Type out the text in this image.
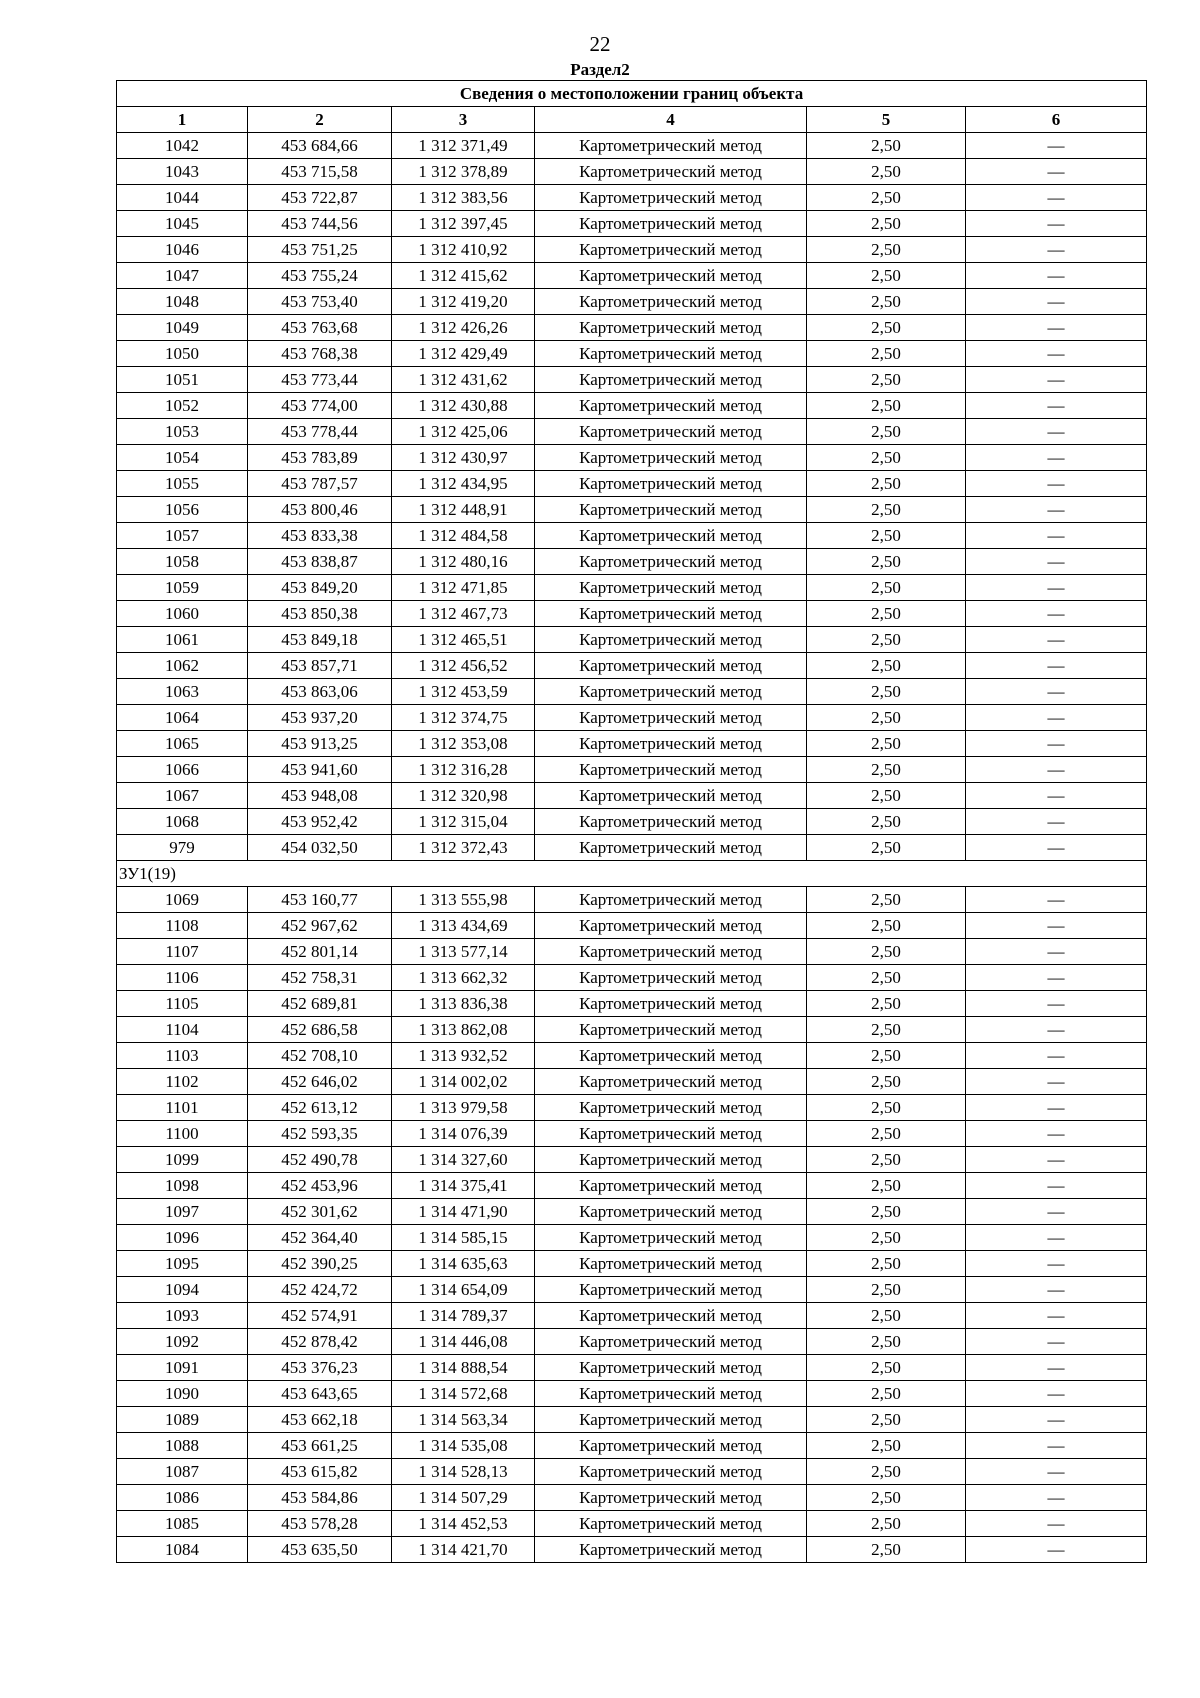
22
Раздел2
Сведения о местоположении границ объекта					
1	2	3	4	5	6
1042	453 684,66	1 312 371,49	Картометрический метод	2,50	—
1043	453 715,58	1 312 378,89	Картометрический метод	2,50	—
1044	453 722,87	1 312 383,56	Картометрический метод	2,50	—
1045	453 744,56	1 312 397,45	Картометрический метод	2,50	—
1046	453 751,25	1 312 410,92	Картометрический метод	2,50	—
1047	453 755,24	1 312 415,62	Картометрический метод	2,50	—
1048	453 753,40	1 312 419,20	Картометрический метод	2,50	—
1049	453 763,68	1 312 426,26	Картометрический метод	2,50	—
1050	453 768,38	1 312 429,49	Картометрический метод	2,50	—
1051	453 773,44	1 312 431,62	Картометрический метод	2,50	—
1052	453 774,00	1 312 430,88	Картометрический метод	2,50	—
1053	453 778,44	1 312 425,06	Картометрический метод	2,50	—
1054	453 783,89	1 312 430,97	Картометрический метод	2,50	—
1055	453 787,57	1 312 434,95	Картометрический метод	2,50	—
1056	453 800,46	1 312 448,91	Картометрический метод	2,50	—
1057	453 833,38	1 312 484,58	Картометрический метод	2,50	—
1058	453 838,87	1 312 480,16	Картометрический метод	2,50	—
1059	453 849,20	1 312 471,85	Картометрический метод	2,50	—
1060	453 850,38	1 312 467,73	Картометрический метод	2,50	—
1061	453 849,18	1 312 465,51	Картометрический метод	2,50	—
1062	453 857,71	1 312 456,52	Картометрический метод	2,50	—
1063	453 863,06	1 312 453,59	Картометрический метод	2,50	—
1064	453 937,20	1 312 374,75	Картометрический метод	2,50	—
1065	453 913,25	1 312 353,08	Картометрический метод	2,50	—
1066	453 941,60	1 312 316,28	Картометрический метод	2,50	—
1067	453 948,08	1 312 320,98	Картометрический метод	2,50	—
1068	453 952,42	1 312 315,04	Картометрический метод	2,50	—
979	454 032,50	1 312 372,43	Картометрический метод	2,50	—
ЗУ1(19)					
1069	453 160,77	1 313 555,98	Картометрический метод	2,50	—
1108	452 967,62	1 313 434,69	Картометрический метод	2,50	—
1107	452 801,14	1 313 577,14	Картометрический метод	2,50	—
1106	452 758,31	1 313 662,32	Картометрический метод	2,50	—
1105	452 689,81	1 313 836,38	Картометрический метод	2,50	—
1104	452 686,58	1 313 862,08	Картометрический метод	2,50	—
1103	452 708,10	1 313 932,52	Картометрический метод	2,50	—
1102	452 646,02	1 314 002,02	Картометрический метод	2,50	—
1101	452 613,12	1 313 979,58	Картометрический метод	2,50	—
1100	452 593,35	1 314 076,39	Картометрический метод	2,50	—
1099	452 490,78	1 314 327,60	Картометрический метод	2,50	—
1098	452 453,96	1 314 375,41	Картометрический метод	2,50	—
1097	452 301,62	1 314 471,90	Картометрический метод	2,50	—
1096	452 364,40	1 314 585,15	Картометрический метод	2,50	—
1095	452 390,25	1 314 635,63	Картометрический метод	2,50	—
1094	452 424,72	1 314 654,09	Картометрический метод	2,50	—
1093	452 574,91	1 314 789,37	Картометрический метод	2,50	—
1092	452 878,42	1 314 446,08	Картометрический метод	2,50	—
1091	453 376,23	1 314 888,54	Картометрический метод	2,50	—
1090	453 643,65	1 314 572,68	Картометрический метод	2,50	—
1089	453 662,18	1 314 563,34	Картометрический метод	2,50	—
1088	453 661,25	1 314 535,08	Картометрический метод	2,50	—
1087	453 615,82	1 314 528,13	Картометрический метод	2,50	—
1086	453 584,86	1 314 507,29	Картометрический метод	2,50	—
1085	453 578,28	1 314 452,53	Картометрический метод	2,50	—
1084	453 635,50	1 314 421,70	Картометрический метод	2,50	—
